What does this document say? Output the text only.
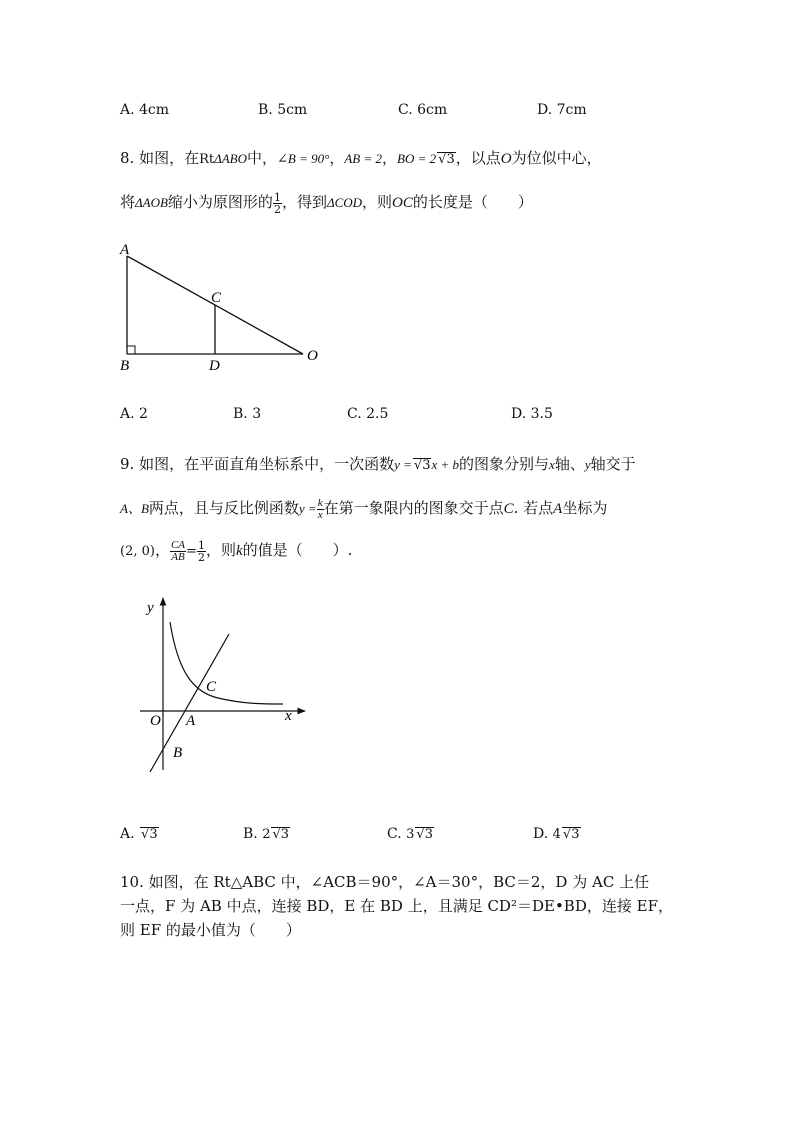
A. 4cm	B. 5cm	C. 6cm	D. 7cm
8. 如图，在RtΔABO中，∠B = 90°，AB = 2，BO = 2 √3，以点O为位似中心，
将ΔAOB缩小为原图形的 $\frac{1}{2}$ ，得到ΔCOD，则OC的长度是（　　）
A
B
C
D
O
A. 2	B. 3	C. 2.5	D. 3.5
9. 如图，在平面直角坐标系中，一次函数y = √3x + b的图象分别与x轴、y轴交于
A、B两点，且与反比例函数$y = \frac{k}{x}$ 在第一象限内的图象交于点C. 若点A坐标为
(2, 0)， $\frac{CA}{AB} = \frac{1}{2}$ ，则k的值是（　　）.
y
x
O A
B
C
A. √3	B. 2 √3	C. 3 √3	D. 4 √3
10. 如图，在 Rt△ABC 中，∠ACB＝90°，∠A＝30°，BC＝2，D 为 AC 上任
一点，F 为 AB 中点，连接 BD，E 在 BD 上，且满足 CD²＝DE•BD，连接 EF，
则 EF 的最小值为（　　）
